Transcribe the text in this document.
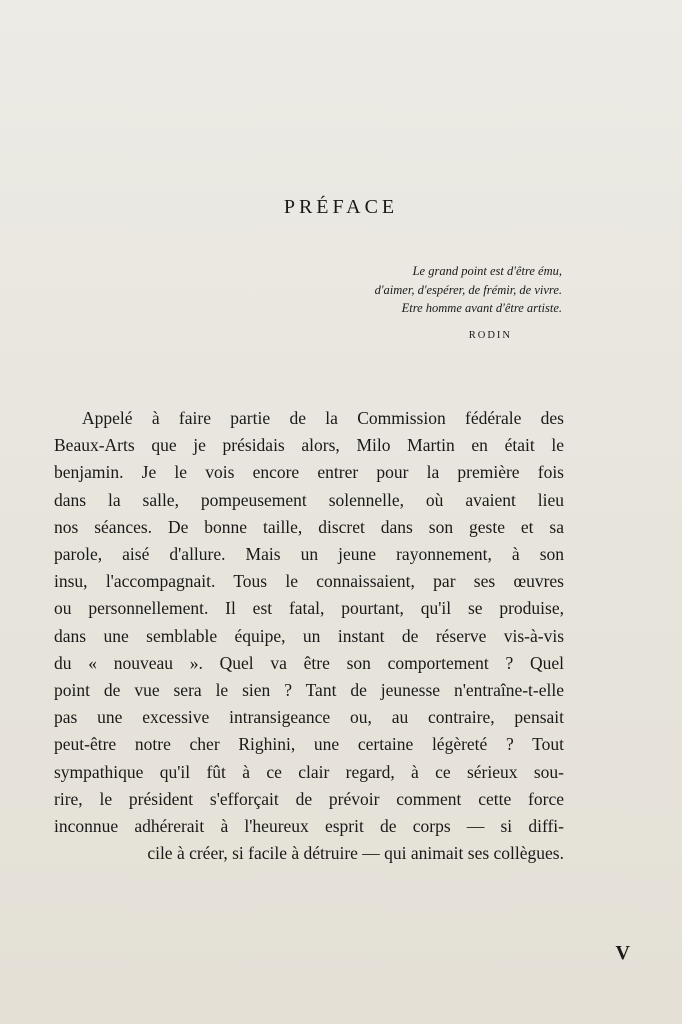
PRÉFACE
Le grand point est d'être ému,
d'aimer, d'espérer, de frémir, de vivre.
Etre homme avant d'être artiste.
RODIN
Appelé à faire partie de la Commission fédérale des
Beaux-Arts que je présidais alors, Milo Martin en était le
benjamin. Je le vois encore entrer pour la première fois
dans la salle, pompeusement solennelle, où avaient lieu
nos séances. De bonne taille, discret dans son geste et sa
parole, aisé d'allure. Mais un jeune rayonnement, à son
insu, l'accompagnait. Tous le connaissaient, par ses œuvres
ou personnellement. Il est fatal, pourtant, qu'il se produise,
dans une semblable équipe, un instant de réserve vis-à-vis
du « nouveau ». Quel va être son comportement ? Quel
point de vue sera le sien ? Tant de jeunesse n'entraîne-t-elle
pas une excessive intransigeance ou, au contraire, pensait
peut-être notre cher Righini, une certaine légèreté ? Tout
sympathique qu'il fût à ce clair regard, à ce sérieux sou-
rire, le président s'efforçait de prévoir comment cette force
inconnue adhérerait à l'heureux esprit de corps — si diffi-
cile à créer, si facile à détruire — qui animait ses collègues.
V
